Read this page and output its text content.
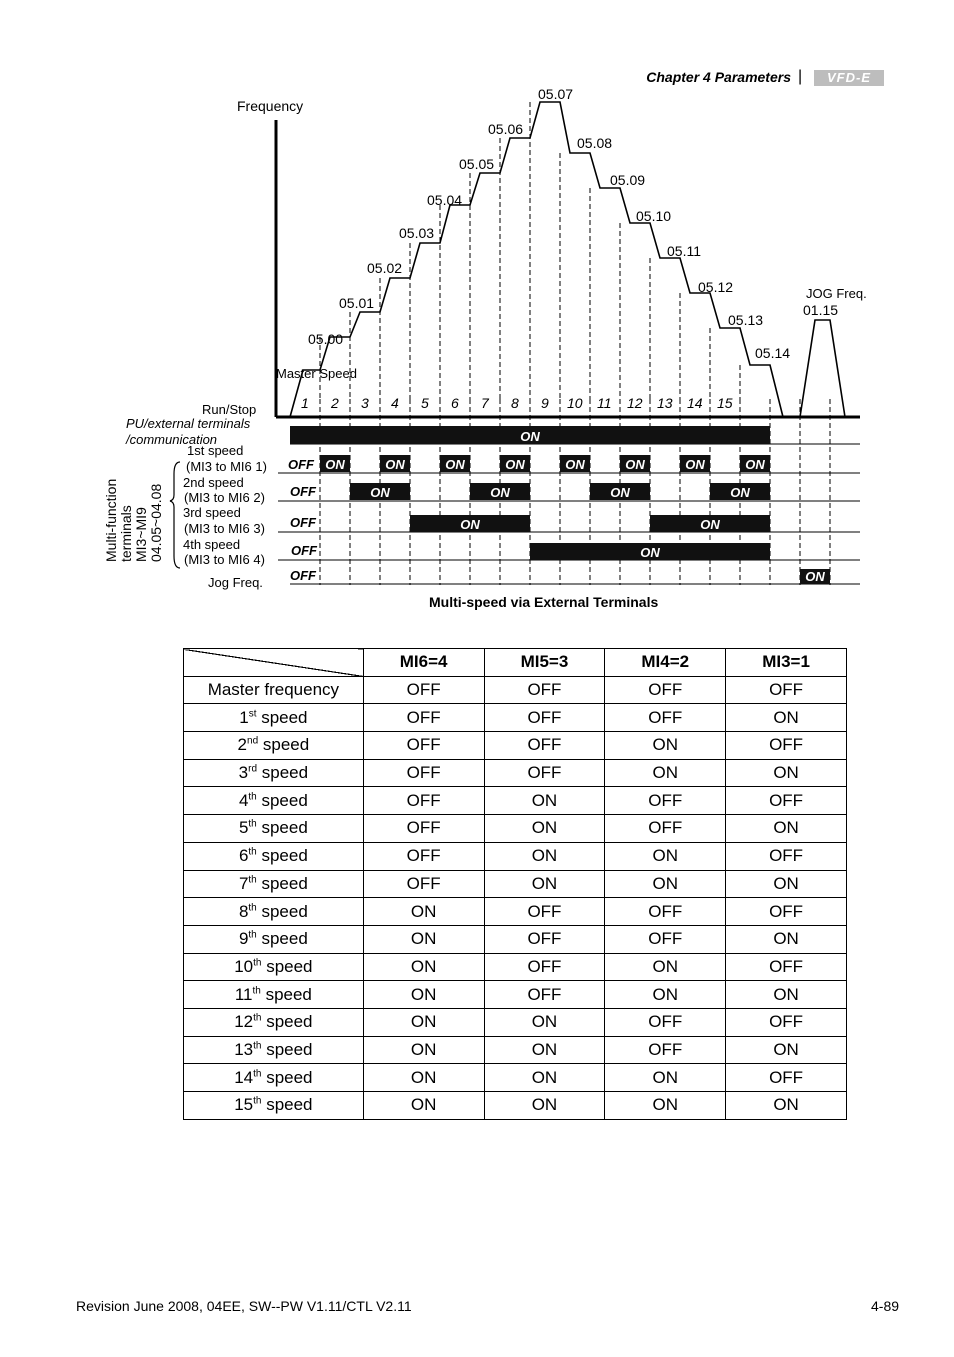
Chapter 4 Parameters |	VFD-E
Frequency
Master Speed
JOG Freq.
01.15
Run/Stop
PU/external terminals
/communication
1st speed
(MI3 to MI6 1)
2nd speed
(MI3 to MI6 2)
3rd speed
(MI3 to MI6 3)
4th speed
(MI3 to MI6 4)
Jog Freq.
Multi-function terminals MI3~MI9 04.05~04.08
Multi-speed via External Terminals
05.00
05.01
05.02
05.03
05.04
05.05
05.06
05.07
05.08
05.09
05.10
05.11
05.12
05.13
05.14
1 2 3 4 5 6 7 8 9 10 11 12 13 14 15
ON
OFF ON	ON	ON	ON	ON	ON	ON	ON
OFF	ON	ON	ON	ON
OFF	ON	ON
OFF	ON
OFF	ON
	MI6=4	MI5=3	MI4=2	MI3=1
Master frequency	OFF	OFF	OFF	OFF
1st speed	OFF	OFF	OFF	ON
2nd speed	OFF	OFF	ON	OFF
3rd speed	OFF	OFF	ON	ON
4th speed	OFF	ON	OFF	OFF
5th speed	OFF	ON	OFF	ON
6th speed	OFF	ON	ON	OFF
7th speed	OFF	ON	ON	ON
8th speed	ON	OFF	OFF	OFF
9th speed	ON	OFF	OFF	ON
10th speed	ON	OFF	ON	OFF
11th speed	ON	OFF	ON	ON
12th speed	ON	ON	OFF	OFF
13th speed	ON	ON	OFF	ON
14th speed	ON	ON	ON	OFF
15th speed	ON	ON	ON	ON
Revision June 2008, 04EE, SW--PW V1.11/CTL V2.11	4-89
